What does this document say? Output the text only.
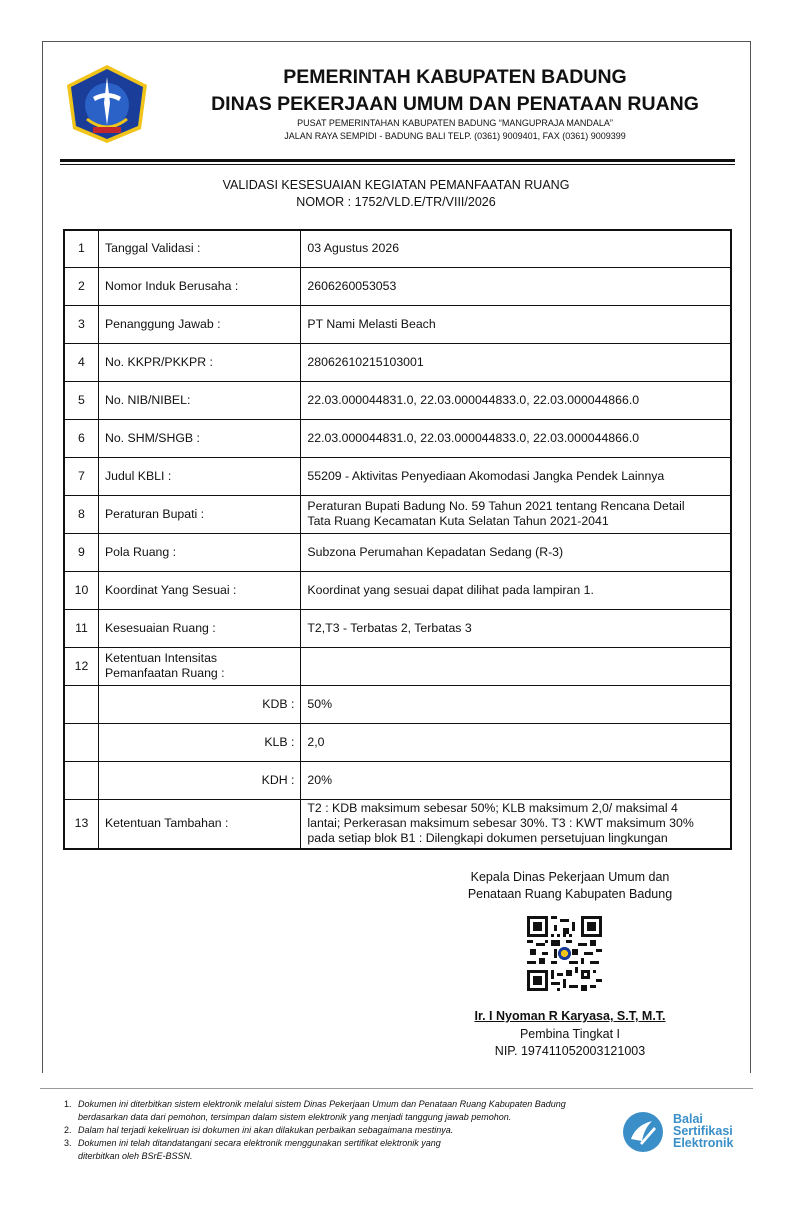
PEMERINTAH KABUPATEN BADUNG
DINAS PEKERJAAN UMUM DAN PENATAAN RUANG
PUSAT PEMERINTAHAN KABUPATEN BADUNG “MANGUPRAJA MANDALA”
JALAN RAYA SEMPIDI - BADUNG BALI TELP. (0361) 9009401, FAX (0361) 9009399
VALIDASI KESESUAIAN KEGIATAN PEMANFAATAN RUANG
NOMOR : 1752/VLD.E/TR/VIII/2026
1	Tanggal Validasi :	03 Agustus 2026
2	Nomor Induk Berusaha :	2606260053053
3	Penanggung Jawab :	PT Nami Melasti Beach
4	No. KKPR/PKKPR :	28062610215103001
5	No. NIB/NIBEL:	22.03.000044831.0, 22.03.000044833.0, 22.03.000044866.0
6	No. SHM/SHGB :	22.03.000044831.0, 22.03.000044833.0, 22.03.000044866.0
7	Judul KBLI :	55209 - Aktivitas Penyediaan Akomodasi Jangka Pendek Lainnya
8	Peraturan Bupati :	Peraturan Bupati Badung No. 59 Tahun 2021 tentang Rencana Detail
Tata Ruang Kecamatan Kuta Selatan Tahun 2021-2041

9	Pola Ruang :	Subzona Perumahan Kepadatan Sedang (R-3)
10	Koordinat Yang Sesuai :	Koordinat yang sesuai dapat dilihat pada lampiran 1.
11	Kesesuaian Ruang :	T2,T3 - Terbatas 2, Terbatas 3
12	Ketentuan Intensitas
Pemanfaatan Ruang :	

	KDB :	50%
	KLB :	2,0
	KDH :	20%
13	Ketentuan Tambahan :	T2 : KDB maksimum sebesar 50%; KLB maksimum 2,0/ maksimal 4
lantai; Perkerasan maksimum sebesar 30%. T3 : KWT maksimum 30%
pada setiap blok B1 : Dilengkapi dokumen persetujuan lingkungan
Kepala Dinas Pekerjaan Umum dan
Penataan Ruang Kabupaten Badung
Ir. I Nyoman R Karyasa, S.T, M.T.
Pembina Tingkat I
NIP. 197411052003121003
Dokumen ini diterbitkan sistem elektronik melalui sistem Dinas Pekerjaan Umum dan Penataan Ruang Kabupaten Badung
berdasarkan data dari pemohon, tersimpan dalam sistem elektronik yang menjadi tanggung jawab pemohon.
Dalam hal terjadi kekeliruan isi dokumen ini akan dilakukan perbaikan sebagaimana mestinya.
Dokumen ini telah ditandatangani secara elektronik menggunakan sertifikat elektronik yang
diterbitkan oleh BSrE-BSSN.
Balai
Sertifikasi
Elektronik
